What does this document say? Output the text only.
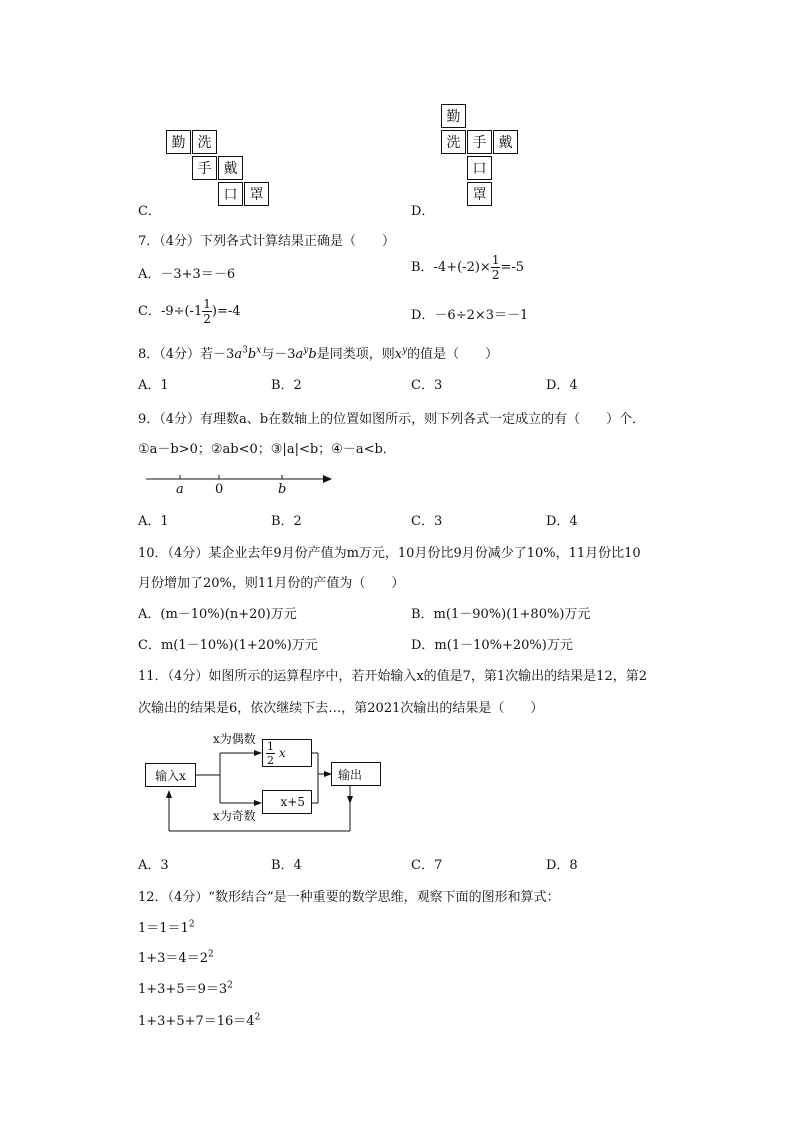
勤 洗
手 戴
口 罩
C．
勤
洗 手 戴
口
罩
D．
7．（4分）下列各式计算结果正确是（　　）
A．－3+3＝－6	B．$-4+(-2)\times \frac{1}{2} =-5$
C．$-9\div(-1 \frac{1}{2} )=-4$	D．－6÷2×3＝－1
8．（4分）若$-3a^3b^x$与$-3a^yb$是同类项，则$x^y$的值是（　　）
A．1	B．2	C．3	D．4
9．（4分）有理数a、b在数轴上的位置如图所示，则下列各式一定成立的有（　　）个．
①a－b>0；②ab<0；③|a|<b；④－a<b．
a 0	b
A．1	B．2	C．3	D．4
10．（4分）某企业去年9月份产值为m万元，10月份比9月份减少了10%，11月份比10
月份增加了20%，则11月份的产值为（　　）
A．(m－10%)(n+20)万元	B．m(1－90%)(1+80%)万元
C．m(1－10%)(1+20%)万元	D．m(1－10%+20%)万元
11．（4分）如图所示的运算程序中，若开始输入x的值是7，第1次输出的结果是12，第2
次输出的结果是6，依次继续下去…，第2021次输出的结果是（　　）
输入x
$\frac{1}{2}$
x
x+5
输出
x为偶数
x为奇数
A．3	B．4	C．7	D．8
12．（4分）“数形结合”是一种重要的数学思维，观察下面的图形和算式：
$1=1=1^2$
$1+3=4=2^2$
$1+3+5=9=3^2$
$1+3+5+7=16=4^2$
